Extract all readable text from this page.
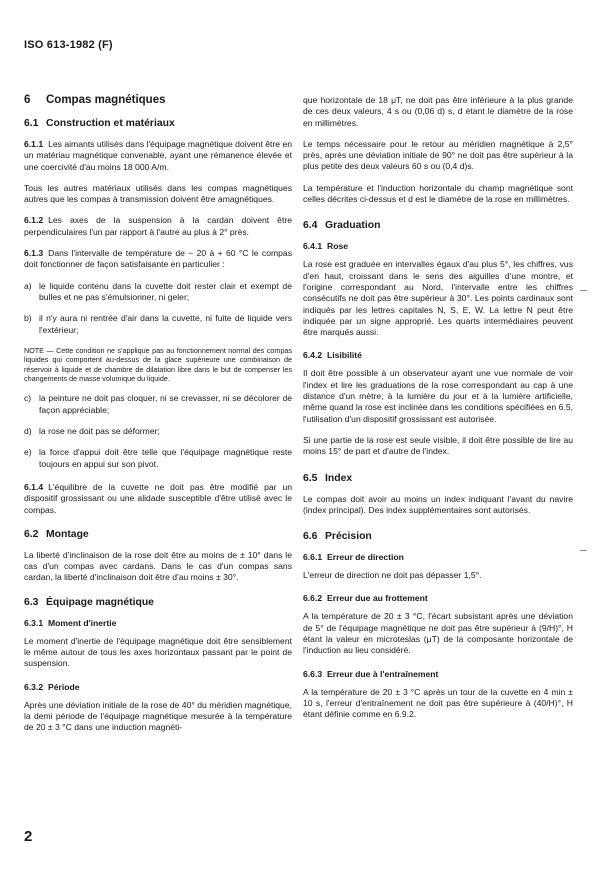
ISO 613-1982 (F)
6 Compas magnétiques
6.1 Construction et matériaux

6.1.1 Les aimants utilisés dans l'équipage magnétique doivent être en un matériau magnétique convenable, ayant une rémanence élevée et une coercivité d'au moins 18 000 A/m.

Tous les autres matériaux utilisés dans les compas magnétiques autres que les compas à transmission doivent être amagnétiques.

6.1.2 Les axes de la suspension à la cardan doivent être perpendiculaires l'un par rapport à l'autre au plus à 2° près.

6.1.3 Dans l'intervalle de température de − 20 à + 60 °C le compas doit fonctionner de façon satisfaisante en particulier :

a) le liquide contenu dans la cuvette doit rester clair et exempt de bulles et ne pas s'émulsionner, ni geler;

b) il n'y aura ni rentrée d'air dans la cuvette, ni fuite de liquide vers l'extérieur;

NOTE — Cette condition ne s'applique pas au fonctionnement normal des compas liquides qui comportent au-dessus de la glace supérieure une combinaison de réservoir à liquide et de chambre de dilatation libre dans le but de compenser les changements de masse volumique du liquide.

c) la peinture ne doit pas cloquer, ni se crevasser, ni se décolorer de façon appréciable;

d) la rose ne doit pas se déformer;

e) la force d'appui doit être telle que l'équipage magnétique reste toujours en appui sur son pivot.

6.1.4 L'équilibre de la cuvette ne doit pas être modifié par un dispositif grossissant ou une alidade susceptible d'être utilisé avec le compas.

6.2 Montage

La liberté d'inclinaison de la rose doit être au moins de ± 10° dans le cas d'un compas avec cardans. Dans le cas d'un compas sans cardan, la liberté d'inclinaison doit être d'au moins ± 30°.

6.3 Équipage magnétique
6.3.1 Moment d'inertie

Le moment d'inertie de l'équipage magnétique doit être sensiblement le même autour de tous les axes horizontaux passant par le point de suspension.

6.3.2 Période

Après une déviation initiale de la rose de 40° du méridien magnétique, la demi période de l'équipage magnétique mesurée à la température de 20 ± 3 °C dans une induction magnéti-

que horizontale de 18 μT, ne doit pas être inférieure à la plus grande de ces deux valeurs, 4 s ou (0,06 d) s, d étant le diamètre de la rose en millimètres.

Le temps nécessaire pour le retour au méridien magnétique à 2,5° près, après une déviation initiale de 90° ne doit pas être supérieur à la plus petite des deux valeurs 60 s ou (0,4 d)s.

La température et l'induction horizontale du champ magnétique sont celles décrites ci-dessus et d est le diamètre de la rose en millimètres.

6.4 Graduation
6.4.1 Rose

La rose est graduée en intervalles égaux d'au plus 5°, les chiffres, vus d'en haut, croissant dans le sens des aiguilles d'une montre, et l'origine correspondant au Nord, l'intervalle entre les chiffres consécutifs ne doit pas être supérieur à 30°. Les points cardinaux sont indiqués par les lettres capitales N, S, E, W. La lettre N peut être indiquée par un signe approprié. Les quarts intermédiaires peuvent être marqués aussi.

6.4.2 Lisibilité

Il doit être possible à un observateur ayant une vue normale de voir l'index et lire les graduations de la rose correspondant au cap à une distance d'un mètre, à la lumière du jour et à la lumière artificielle, même quand la rose est inclinée dans les conditions spécifiées en 6.5, l'utilisation d'un dispositif grossissant est autorisée.

Si une partie de la rose est seule visible, il doit être possible de lire au moins 15° de part et d'autre de l'index.

6.5 Index

Le compas doit avoir au moins un index indiquant l'avant du navire (index principal). Des index supplémentaires sont autorisés.

6.6 Précision
6.6.1 Erreur de direction

L'erreur de direction ne doit pas dépasser 1,5°.

6.6.2 Erreur due au frottement

A la température de 20 ± 3 °C, l'écart subsistant après une déviation de 5° de l'équipage magnétique ne doit pas être supérieur à (9/H)°, H étant la valeur en microteslas (μT) de la composante horizontale de l'induction au lieu considéré.

6.6.3 Erreur due à l'entraînement

A la température de 20 ± 3 °C après un tour de la cuvette en 4 min ± 10 s, l'erreur d'entraînement ne doit pas être supérieure à (40/H)°, H étant définie comme en 6.9.2.

2
